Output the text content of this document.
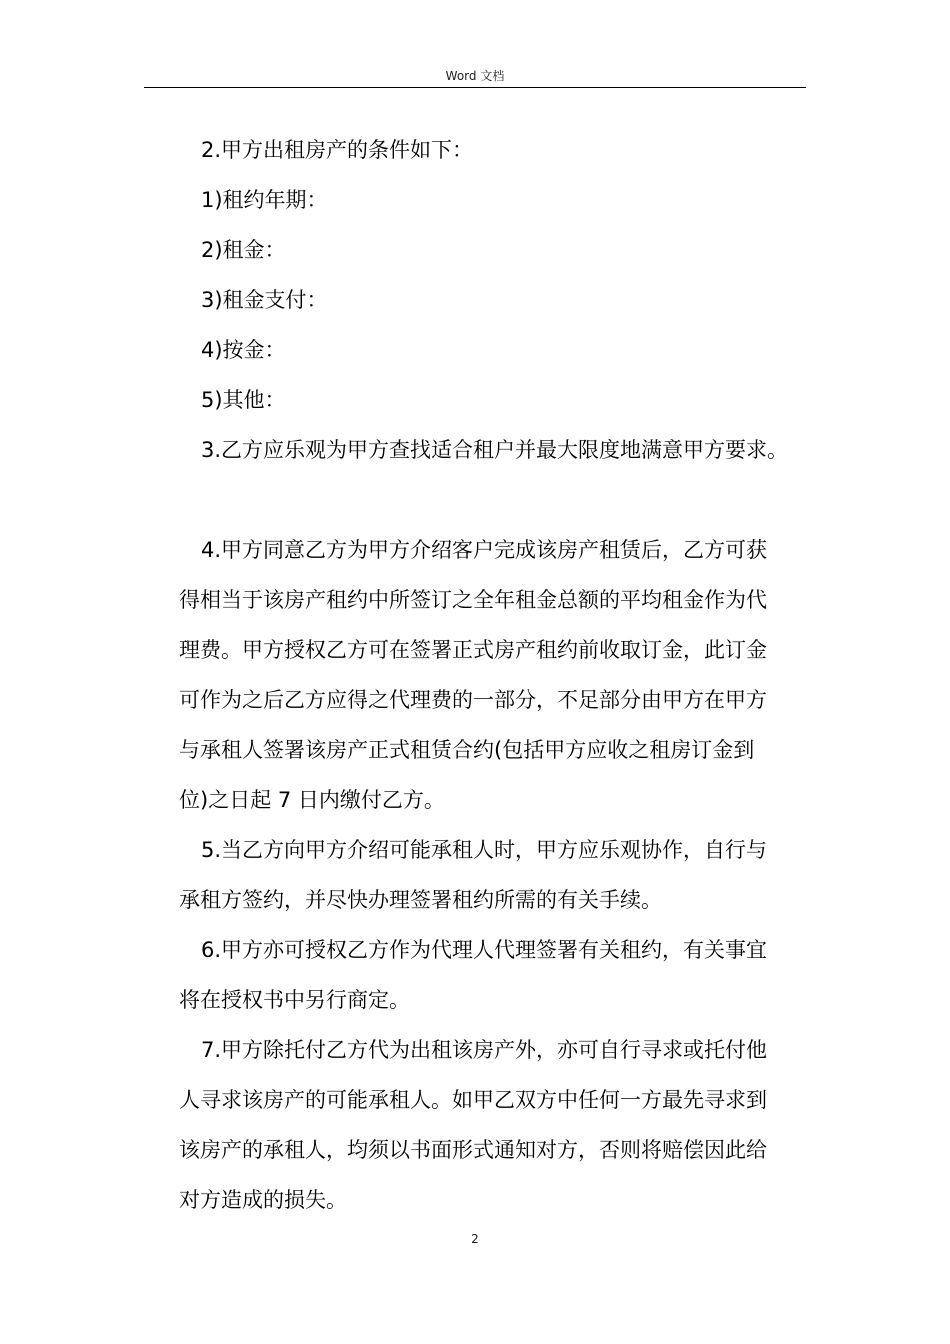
Word 文档
2.甲方出租房产的条件如下：
1)租约年期：
2)租金：
3)租金支付：
4)按金：
5)其他：
3.乙方应乐观为甲方查找适合租户并最大限度地满意甲方要求。
4.甲方同意乙方为甲方介绍客户完成该房产租赁后，乙方可获
得相当于该房产租约中所签订之全年租金总额的平均租金作为代
理费。甲方授权乙方可在签署正式房产租约前收取订金，此订金
可作为之后乙方应得之代理费的一部分，不足部分由甲方在甲方
与承租人签署该房产正式租赁合约(包括甲方应收之租房订金到
位)之日起 7 日内缴付乙方。
5.当乙方向甲方介绍可能承租人时，甲方应乐观协作，自行与
承租方签约，并尽快办理签署租约所需的有关手续。
6.甲方亦可授权乙方作为代理人代理签署有关租约，有关事宜
将在授权书中另行商定。
7.甲方除托付乙方代为出租该房产外，亦可自行寻求或托付他
人寻求该房产的可能承租人。如甲乙双方中任何一方最先寻求到
该房产的承租人，均须以书面形式通知对方，否则将赔偿因此给
对方造成的损失。
2
